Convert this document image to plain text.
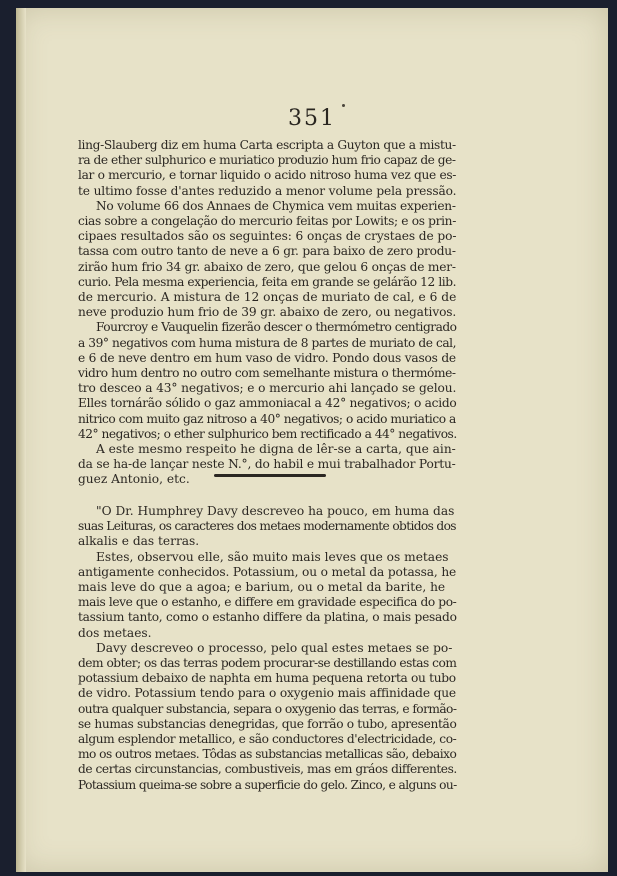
351
ling-Slauberg diz em huma Carta escripta a Guyton que a mistu-
ra de ether sulphurico e muriatico produzio hum frio capaz de ge-
lar o mercurio, e tornar liquido o acido nitroso huma vez que es-
te ultimo fosse d'antes reduzido a menor volume pela pressão.
No volume 66 dos Annaes de Chymica vem muitas experien-
cias sobre a congelação do mercurio feitas por Lowits; e os prin-
cipaes resultados são os seguintes: 6 onças de crystaes de po-
tassa com outro tanto de neve a 6 gr. para baixo de zero produ-
zirão hum frio 34 gr. abaixo de zero, que gelou 6 onças de mer-
curio. Pela mesma experiencia, feita em grande se gelárão 12 lib.
de mercurio. A mistura de 12 onças de muriato de cal, e 6 de
neve produzio hum frio de 39 gr. abaixo de zero, ou negativos.
Fourcroy e Vauquelin fizerão descer o thermómetro centigrado
a 39° negativos com huma mistura de 8 partes de muriato de cal,
e 6 de neve dentro em hum vaso de vidro. Pondo dous vasos de
vidro hum dentro no outro com semelhante mistura o thermóme-
tro desceo a 43° negativos; e o mercurio ahi lançado se gelou.
Elles tornárão sólido o gaz ammoniacal a 42° negativos; o acido
nitrico com muito gaz nitroso a 40° negativos; o acido muriatico a
42° negativos; o ether sulphurico bem rectificado a 44° negativos.
A este mesmo respeito he digna de lêr-se a carta, que ain-
da se ha-de lançar neste N.°, do habil e mui trabalhador Portu-
guez Antonio, etc.
"O Dr. Humphrey Davy descreveo ha pouco, em huma das
suas Leituras, os caracteres dos metaes modernamente obtidos dos
alkalis e das terras.
Estes, observou elle, são muito mais leves que os metaes
antigamente conhecidos. Potassium, ou o metal da potassa, he
mais leve do que a agoa; e barium, ou o metal da barite, he
mais leve que o estanho, e differe em gravidade especifica do po-
tassium tanto, como o estanho differe da platina, o mais pesado
dos metaes.
Davy descreveo o processo, pelo qual estes metaes se po-
dem obter; os das terras podem procurar-se destillando estas com
potassium debaixo de naphta em huma pequena retorta ou tubo
de vidro. Potassium tendo para o oxygenio mais affinidade que
outra qualquer substancia, separa o oxygenio das terras, e formão-
se humas substancias denegridas, que forrão o tubo, apresentão
algum esplendor metallico, e são conductores d'electricidade, co-
mo os outros metaes. Tôdas as substancias metallicas são, debaixo
de certas circunstancias, combustiveis, mas em gráos differentes.
Potassium queima-se sobre a superficie do gelo. Zinco, e alguns ou-
